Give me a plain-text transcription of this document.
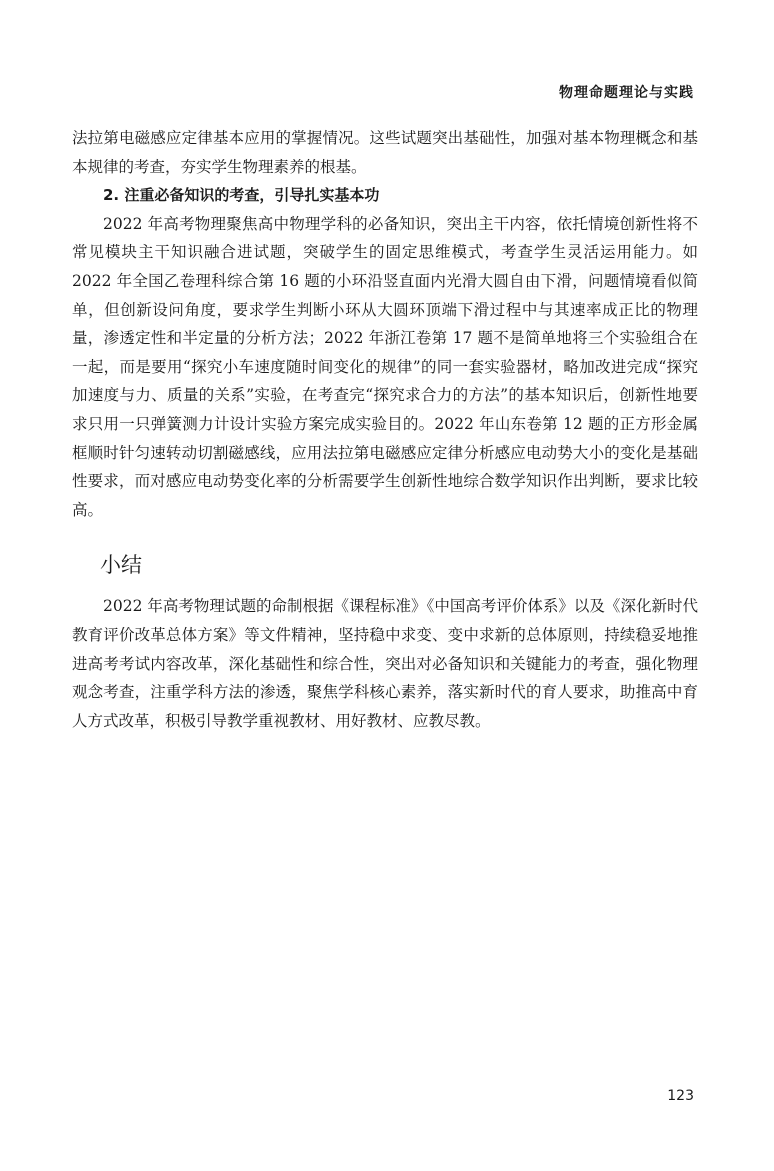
物理命题理论与实践

法拉第电磁感应定律基本应用的掌握情况。这些试题突出基础性，加强对基本物理概念和基本规律的考查，夯实学生物理素养的根基。

2. 注重必备知识的考查，引导扎实基本功

2022 年高考物理聚焦高中物理学科的必备知识，突出主干内容，依托情境创新性将不常见模块主干知识融合进试题，突破学生的固定思维模式，考查学生灵活运用能力。如 2022 年全国乙卷理科综合第 16 题的小环沿竖直面内光滑大圆自由下滑，问题情境看似简单，但创新设问角度，要求学生判断小环从大圆环顶端下滑过程中与其速率成正比的物理量，渗透定性和半定量的分析方法；2022 年浙江卷第 17 题不是简单地将三个实验组合在一起，而是要用“探究小车速度随时间变化的规律”的同一套实验器材，略加改进完成“探究加速度与力、质量的关系”实验，在考查完“探究求合力的方法”的基本知识后，创新性地要求只用一只弹簧测力计设计实验方案完成实验目的。2022 年山东卷第 12 题的正方形金属框顺时针匀速转动切割磁感线，应用法拉第电磁感应定律分析感应电动势大小的变化是基础性要求，而对感应电动势变化率的分析需要学生创新性地综合数学知识作出判断，要求比较高。

小结

2022 年高考物理试题的命制根据《课程标准》《中国高考评价体系》以及《深化新时代教育评价改革总体方案》等文件精神，坚持稳中求变、变中求新的总体原则，持续稳妥地推进高考考试内容改革，深化基础性和综合性，突出对必备知识和关键能力的考查，强化物理观念考查，注重学科方法的渗透，聚焦学科核心素养，落实新时代的育人要求，助推高中育人方式改革，积极引导教学重视教材、用好教材、应教尽教。

123
